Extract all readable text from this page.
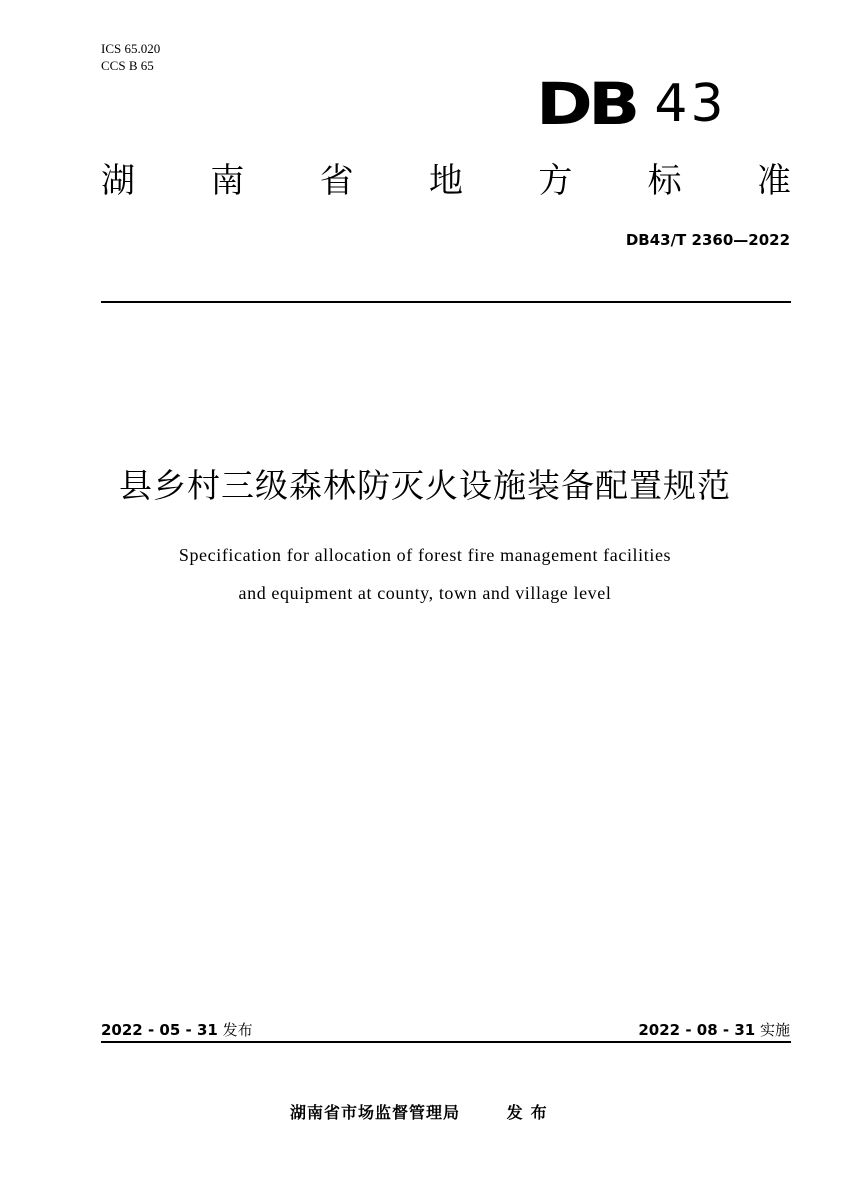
ICS 65.020
CCS B 65
DB 43
湖 南 省 地 方 标 准
DB43/T 2360—2022
县乡村三级森林防灭火设施装备配置规范
Specification for allocation of forest fire management facilities
and equipment at county, town and village level
2022 - 05 - 31 发布	2022 - 08 - 31 实施
湖南省市场监督管理局	发布
